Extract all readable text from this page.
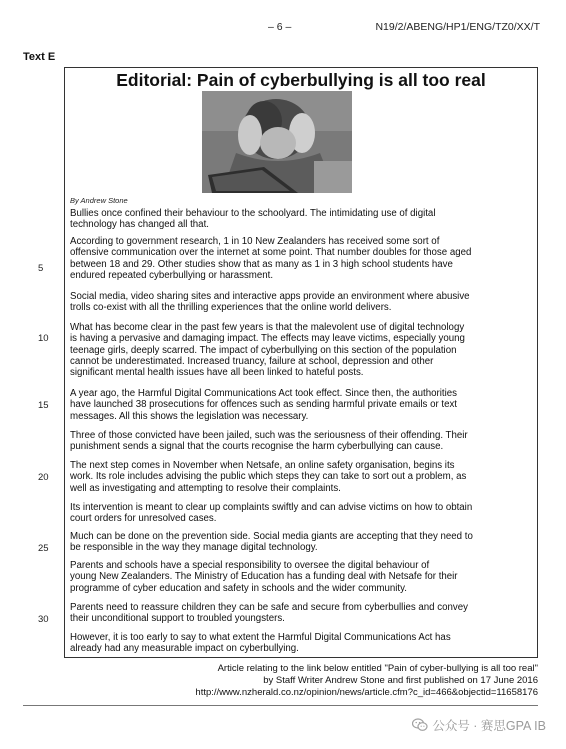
– 6 –	N19/2/ABENG/HP1/ENG/TZ0/XX/T
Text E
Editorial: Pain of cyberbullying is all too real
By Andrew Stone
Bullies once confined their behaviour to the schoolyard. The intimidating use of digital
technology has changed all that.
According to government research, 1 in 10 New Zealanders has received some sort of
offensive communication over the internet at some point. That number doubles for those aged
between 18 and 29. Other studies show that as many as 1 in 3 high school students have
endured repeated cyberbullying or harassment.
Social media, video sharing sites and interactive apps provide an environment where abusive
trolls co-exist with all the thrilling experiences that the online world delivers.
What has become clear in the past few years is that the malevolent use of digital technology
is having a pervasive and damaging impact. The effects may leave victims, especially young
teenage girls, deeply scarred. The impact of cyberbullying on this section of the population
cannot be underestimated. Increased truancy, failure at school, depression and other
significant mental health issues have all been linked to hateful posts.
A year ago, the Harmful Digital Communications Act took effect. Since then, the authorities
have launched 38 prosecutions for offences such as sending harmful private emails or text
messages. All this shows the legislation was necessary.
Three of those convicted have been jailed, such was the seriousness of their offending. Their
punishment sends a signal that the courts recognise the harm cyberbullying can cause.
The next step comes in November when Netsafe, an online safety organisation, begins its
work. Its role includes advising the public which steps they can take to sort out a problem, as
well as investigating and attempting to resolve their complaints.
Its intervention is meant to clear up complaints swiftly and can advise victims on how to obtain
court orders for unresolved cases.
Much can be done on the prevention side. Social media giants are accepting that they need to
be responsible in the way they manage digital technology.
Parents and schools have a special responsibility to oversee the digital behaviour of
young New Zealanders. The Ministry of Education has a funding deal with Netsafe for their
programme of cyber education and safety in schools and the wider community.
Parents need to reassure children they can be safe and secure from cyberbullies and convey
their unconditional support to troubled youngsters.
However, it is too early to say to what extent the Harmful Digital Communications Act has
already had any measurable impact on cyberbullying.
5
10
15
20
25
30
Article relating to the link below entitled "Pain of cyber-bullying is all too real"
by Staff Writer Andrew Stone and first published on 17 June 2016
http://www.nzherald.co.nz/opinion/news/article.cfm?c_id=466&objectid=11658176
公众号 · 赛思GPA IB
